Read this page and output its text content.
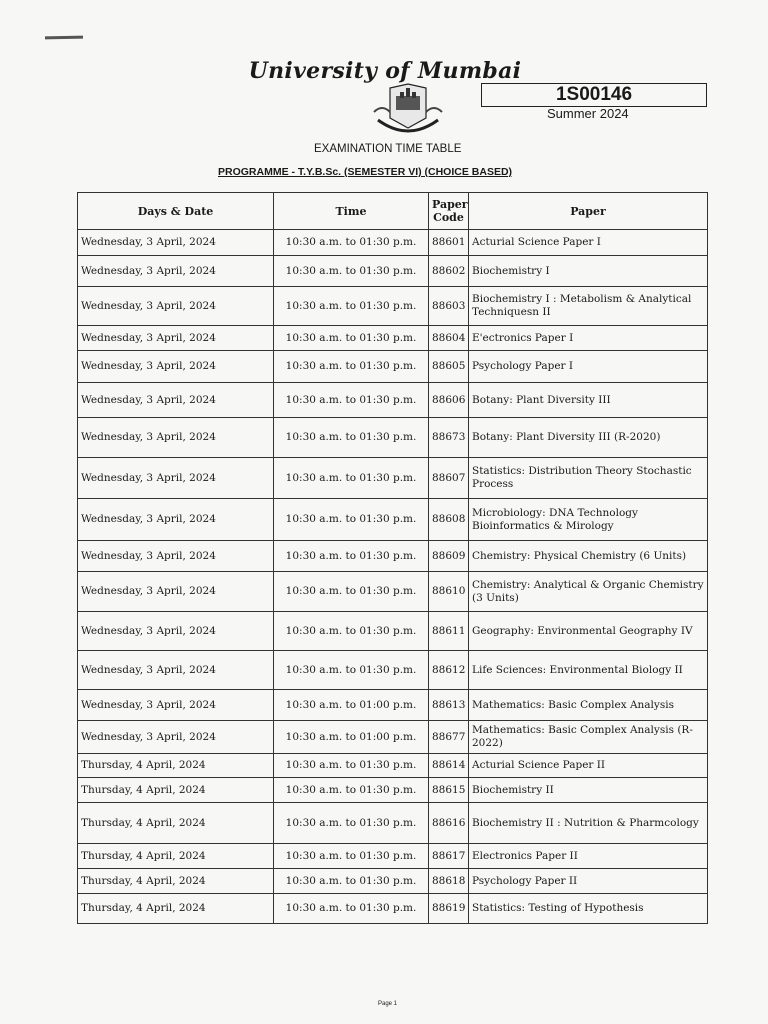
University of Mumbai
1S00146
Summer 2024
EXAMINATION TIME TABLE
PROGRAMME - T.Y.B.Sc. (SEMESTER VI) (CHOICE BASED)
Days & Date	Time	Paper Code	Paper
Wednesday, 3 April, 2024	10:30 a.m. to 01:30 p.m.	88601	Acturial Science Paper I
Wednesday, 3 April, 2024	10:30 a.m. to 01:30 p.m.	88602	Biochemistry I
Wednesday, 3 April, 2024	10:30 a.m. to 01:30 p.m.	88603	Biochemistry I : Metabolism & Analytical Techniquesn II
Wednesday, 3 April, 2024	10:30 a.m. to 01:30 p.m.	88604	E'ectronics Paper I
Wednesday, 3 April, 2024	10:30 a.m. to 01:30 p.m.	88605	Psychology Paper I
Wednesday, 3 April, 2024	10:30 a.m. to 01:30 p.m.	88606	Botany: Plant Diversity III
Wednesday, 3 April, 2024	10:30 a.m. to 01:30 p.m.	88673	Botany: Plant Diversity III (R-2020)
Wednesday, 3 April, 2024	10:30 a.m. to 01:30 p.m.	88607	Statistics: Distribution Theory Stochastic Process
Wednesday, 3 April, 2024	10:30 a.m. to 01:30 p.m.	88608	Microbiology: DNA Technology Bioinformatics & Mirology
Wednesday, 3 April, 2024	10:30 a.m. to 01:30 p.m.	88609	Chemistry: Physical Chemistry (6 Units)
Wednesday, 3 April, 2024	10:30 a.m. to 01:30 p.m.	88610	Chemistry: Analytical & Organic Chemistry (3 Units)
Wednesday, 3 April, 2024	10:30 a.m. to 01:30 p.m.	88611	Geography: Environmental Geography IV
Wednesday, 3 April, 2024	10:30 a.m. to 01:30 p.m.	88612	Life Sciences: Environmental Biology II
Wednesday, 3 April, 2024	10:30 a.m. to 01:00 p.m.	88613	Mathematics: Basic Complex Analysis
Wednesday, 3 April, 2024	10:30 a.m. to 01:00 p.m.	88677	Mathematics: Basic Complex Analysis (R-2022)
Thursday, 4 April, 2024	10:30 a.m. to 01:30 p.m.	88614	Acturial Science Paper II
Thursday, 4 April, 2024	10:30 a.m. to 01:30 p.m.	88615	Biochemistry II
Thursday, 4 April, 2024	10:30 a.m. to 01:30 p.m.	88616	Biochemistry II : Nutrition & Pharmcology
Thursday, 4 April, 2024	10:30 a.m. to 01:30 p.m.	88617	Electronics Paper II
Thursday, 4 April, 2024	10:30 a.m. to 01:30 p.m.	88618	Psychology Paper II
Thursday, 4 April, 2024	10:30 a.m. to 01:30 p.m.	88619	Statistics: Testing of Hypothesis
Page 1
